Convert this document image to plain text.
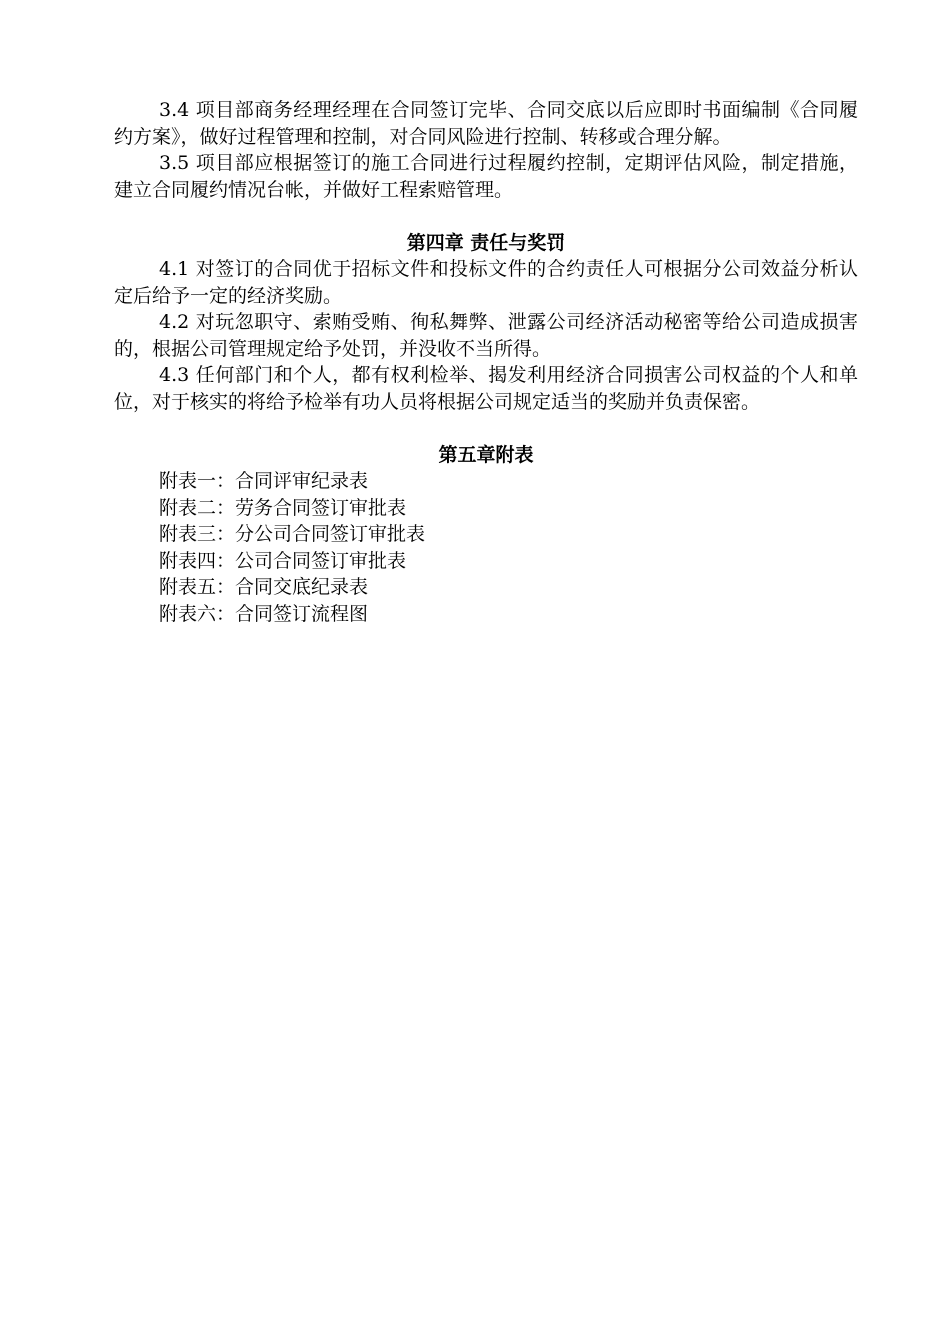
3.4 项目部商务经理经理在合同签订完毕、合同交底以后应即时书面编制《合同履约方案》，做好过程管理和控制，对合同风险进行控制、转移或合理分解。

3.5 项目部应根据签订的施工合同进行过程履约控制，定期评估风险，制定措施，建立合同履约情况台帐，并做好工程索赔管理。

第四章 责任与奖罚

4.1 对签订的合同优于招标文件和投标文件的合约责任人可根据分公司效益分析认定后给予一定的经济奖励。

4.2 对玩忽职守、索贿受贿、徇私舞弊、泄露公司经济活动秘密等给公司造成损害的，根据公司管理规定给予处罚，并没收不当所得。

4.3 任何部门和个人，都有权利检举、揭发利用经济合同损害公司权益的个人和单位，对于核实的将给予检举有功人员将根据公司规定适当的奖励并负责保密。

第五章附表
附表一：合同评审纪录表
附表二：劳务合同签订审批表
附表三：分公司合同签订审批表
附表四：公司合同签订审批表
附表五：合同交底纪录表
附表六：合同签订流程图
